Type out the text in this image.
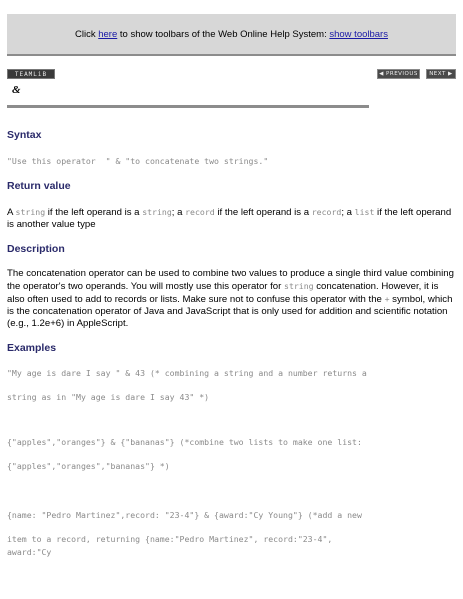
Click here to show toolbars of the Web Online Help System: show toolbars
TEAMLiB	◀ PREVIOUS	NEXT ▶
&
Syntax
"Use this operator  " & "to concatenate two strings."
Return value
A string if the left operand is a string; a record if the left operand is a record; a list if the left operand is another value type
Description
The concatenation operator can be used to combine two values to produce a single third value combining the operator's two operands. You will mostly use this operator for string concatenation. However, it is also often used to add to records or lists. Make sure not to confuse this operator with the + symbol, which is the concatenation operator of Java and JavaScript that is only used for addition and scientific notation (e.g., 1.2e+6) in AppleScript.
Examples
"My age is dare I say " & 43 (* combining a string and a number returns a
string as in "My age is dare I say 43" *)
{"apples","oranges"} & {"bananas"} (*combine two lists to make one list:
{"apples","oranges","bananas"} *)
{name: "Pedro Martinez",record: "23-4"} & {award:"Cy Young"} (*add a new
item to a record, returning {name:"Pedro Martinez", record:"23-4",
award:"Cy
